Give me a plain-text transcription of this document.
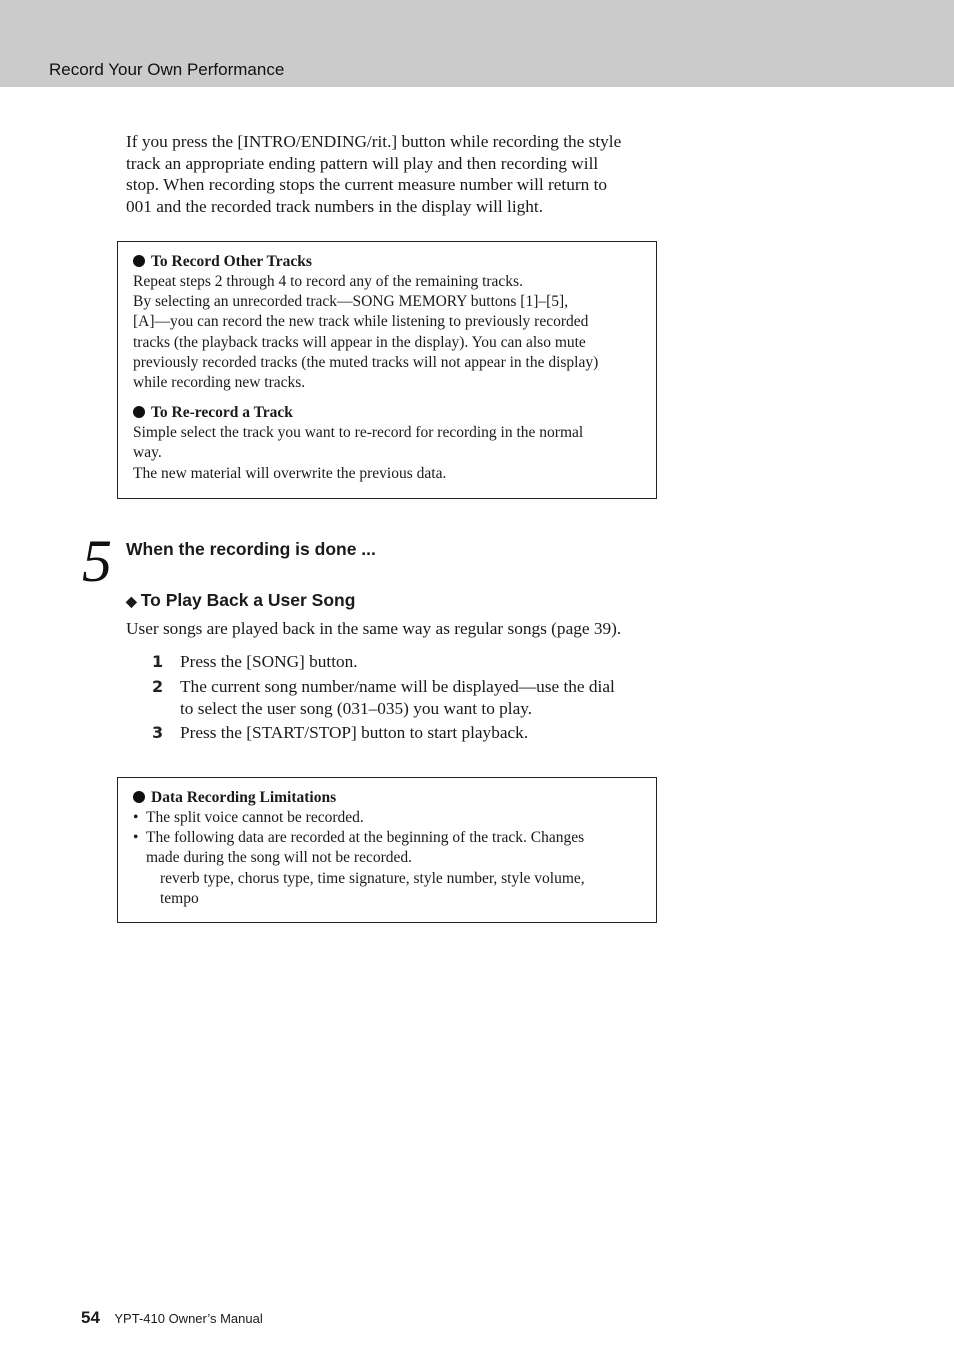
Record Your Own Performance
If you press the [INTRO/ENDING/rit.] button while recording the style
track an appropriate ending pattern will play and then recording will
stop. When recording stops the current measure number will return to
001 and the recorded track numbers in the display will light.
To Record Other Tracks
Repeat steps 2 through 4 to record any of the remaining tracks.
By selecting an unrecorded track—SONG MEMORY buttons [1]–[5],
[A]—you can record the new track while listening to previously recorded
tracks (the playback tracks will appear in the display). You can also mute
previously recorded tracks (the muted tracks will not appear in the display)
while recording new tracks.
To Re-record a Track
Simple select the track you want to re-record for recording in the normal
way.
The new material will overwrite the previous data.
5 When the recording is done ...
◆ To Play Back a User Song
User songs are played back in the same way as regular songs (page 39).
1 Press the [SONG] button.
2 The current song number/name will be displayed—use the dial
to select the user song (031–035) you want to play.
3 Press the [START/STOP] button to start playback.
Data Recording Limitations
• The split voice cannot be recorded.
• The following data are recorded at the beginning of the track. Changes
made during the song will not be recorded.
reverb type, chorus type, time signature, style number, style volume,
tempo
54 YPT-410 Owner’s Manual
